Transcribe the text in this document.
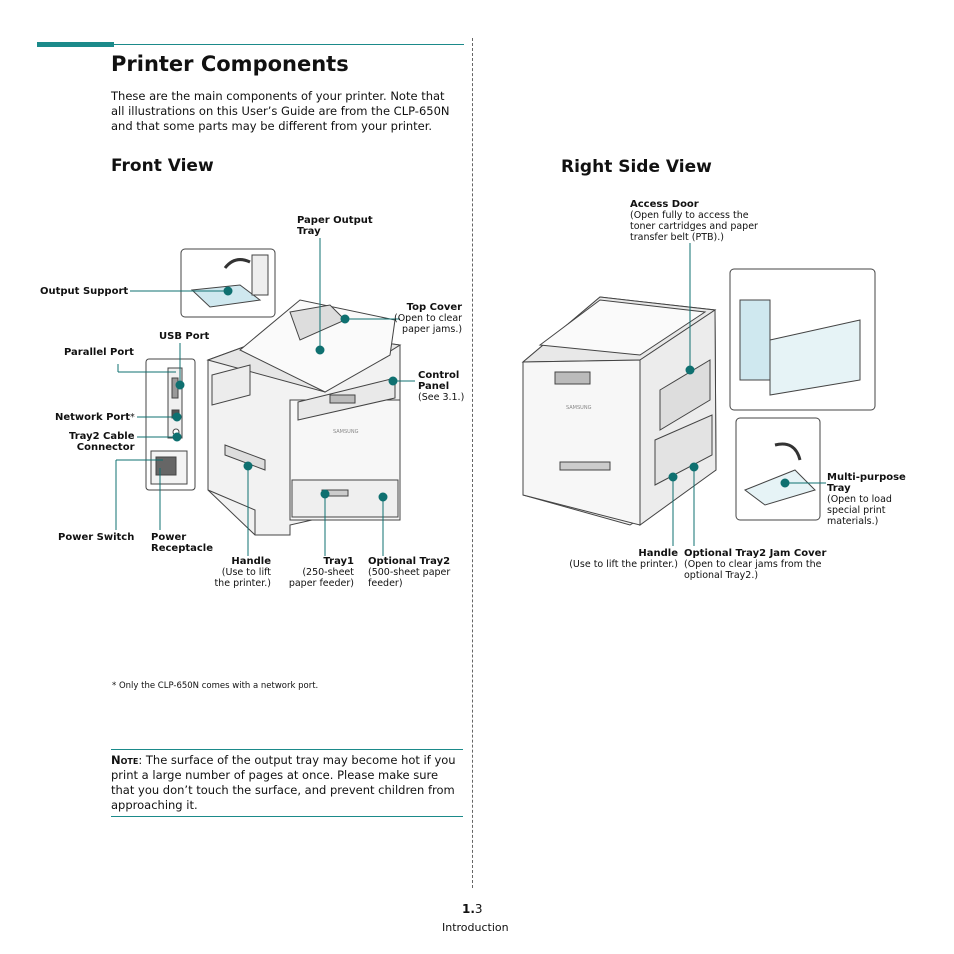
Printer Components
These are the main components of your printer. Note that all illustrations on this User’s Guide are from the CLP-650N and that some parts may be different from your printer.
Front View	Right Side View
Paper Output
Tray
Output Support
USB Port
Parallel Port
Top Cover
(Open to clear
paper jams.)
Control
Panel
(See 3.1.)
Network Port*
Tray2 Cable
Connector
Power Switch Power
Receptacle
Handle
(Use to lift
the printer.)
Tray1
(250-sheet
paper feeder)
Optional Tray2
(500-sheet paper
feeder)
SAMSUNG
Access Door
(Open fully to access the
toner cartridges and paper
transfer belt (PTB).)
Multi-purpose
Tray
(Open to load
special print
materials.)
Handle
(Use to lift the printer.)
Optional Tray2 Jam Cover
(Open to clear jams from the
optional Tray2.)
SAMSUNG
* Only the CLP-650N comes with a network port.
Note: The surface of the output tray may become hot if you print a large number of pages at once. Please make sure that you don’t touch the surface, and prevent children from approaching it.
1.3
Introduction
